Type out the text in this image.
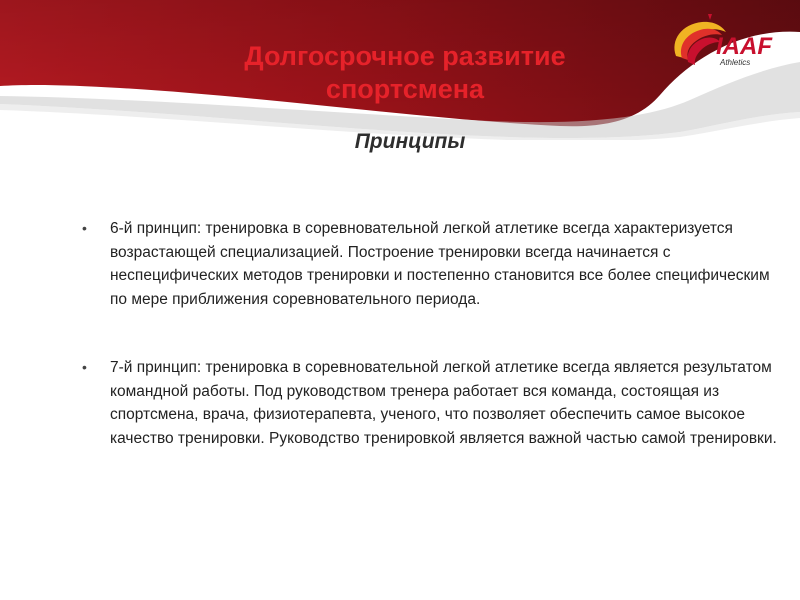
IAAF
Athletics
Долгосрочное развитие спортсмена
Принципы
• 6-й принцип: тренировка в соревновательной легкой атлетике всегда характеризуется возрастающей специализацией. Построение тренировки всегда начинается с неспецифических методов тренировки и постепенно становится все более специфическим по мере приближения соревновательного периода.
• 7-й принцип: тренировка в соревновательной легкой атлетике всегда является результатом командной работы. Под руководством тренера работает вся команда, состоящая из спортсмена, врача, физиотерапевта, ученого, что позволяет обеспечить самое высокое качество тренировки. Руководство тренировкой является важной частью самой тренировки.
